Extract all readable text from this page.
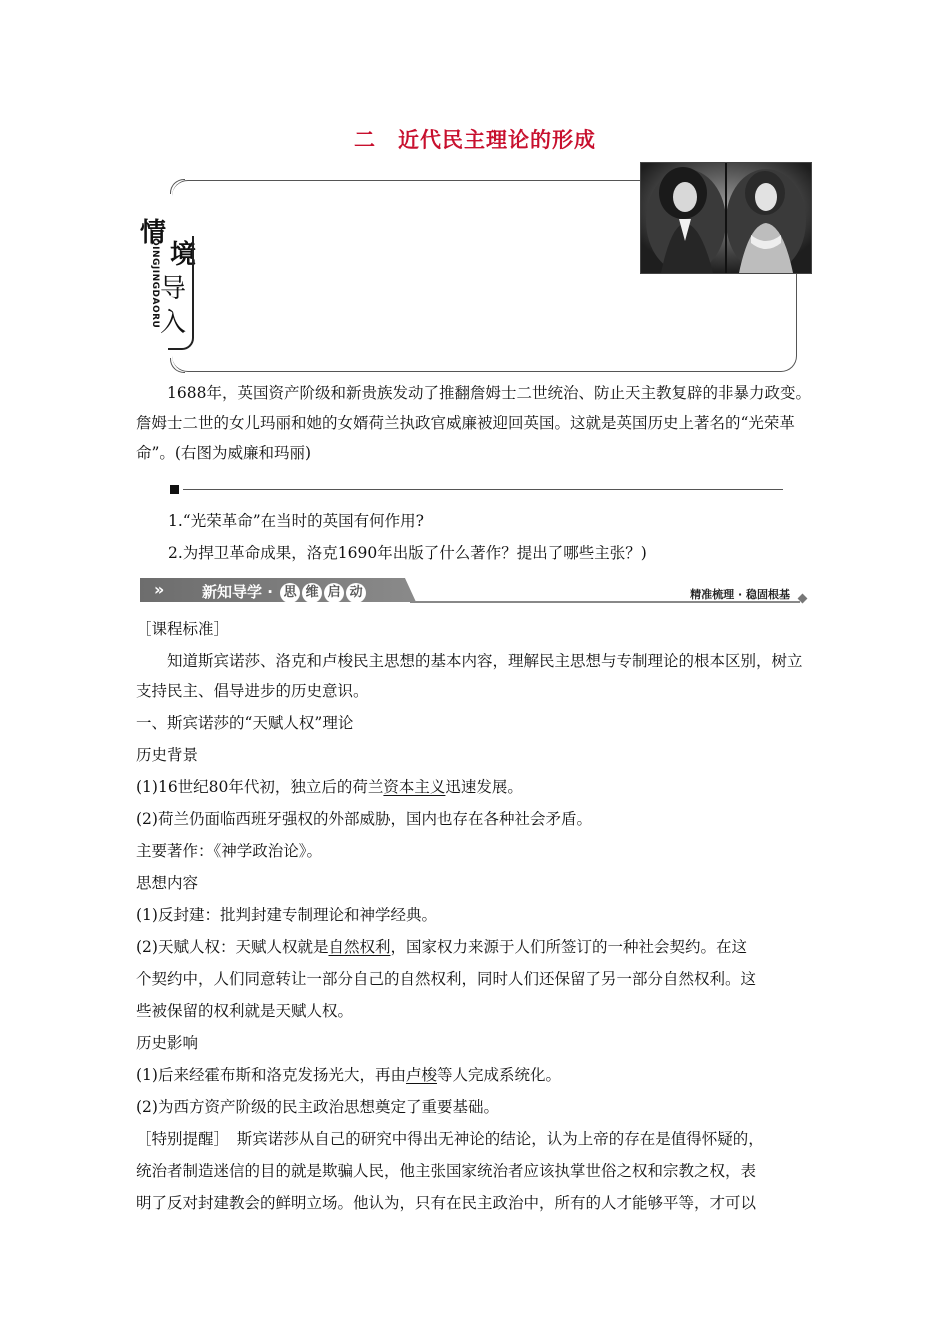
二　近代民主理论的形成
情
境
导
入
QINGJINGDAORU

1688年，英国资产阶级和新贵族发动了推翻詹姆士二世统治、防止天主教复辟的非暴力政变。詹姆士二世的女儿玛丽和她的女婿荷兰执政官威廉被迎回英国。这就是英国历史上著名的“光荣革命”。(右图为威廉和玛丽)

1.“光荣革命”在当时的英国有何作用?

2.为捍卫革命成果，洛克1690年出版了什么著作？提出了哪些主张？)

»	新知导学 · 思 维 启 动	精准梳理 · 稳固根基

［课程标准］

知道斯宾诺莎、洛克和卢梭民主思想的基本内容，理解民主思想与专制理论的根本区别，树立支持民主、倡导进步的历史意识。

一、斯宾诺莎的“天赋人权”理论

历史背景

(1)16世纪80年代初，独立后的荷兰资本主义迅速发展。

(2)荷兰仍面临西班牙强权的外部威胁，国内也存在各种社会矛盾。

主要著作：《神学政治论》。

思想内容

(1)反封建：批判封建专制理论和神学经典。

(2)天赋人权：天赋人权就是自然权利，国家权力来源于人们所签订的一种社会契约。在这

个契约中，人们同意转让一部分自己的自然权利，同时人们还保留了另一部分自然权利。这

些被保留的权利就是天赋人权。

历史影响

(1)后来经霍布斯和洛克发扬光大，再由卢梭等人完成系统化。

(2)为西方资产阶级的民主政治思想奠定了重要基础。

［特别提醒］　斯宾诺莎从自己的研究中得出无神论的结论，认为上帝的存在是值得怀疑的，

统治者制造迷信的目的就是欺骗人民，他主张国家统治者应该执掌世俗之权和宗教之权，表

明了反对封建教会的鲜明立场。他认为，只有在民主政治中，所有的人才能够平等，才可以
